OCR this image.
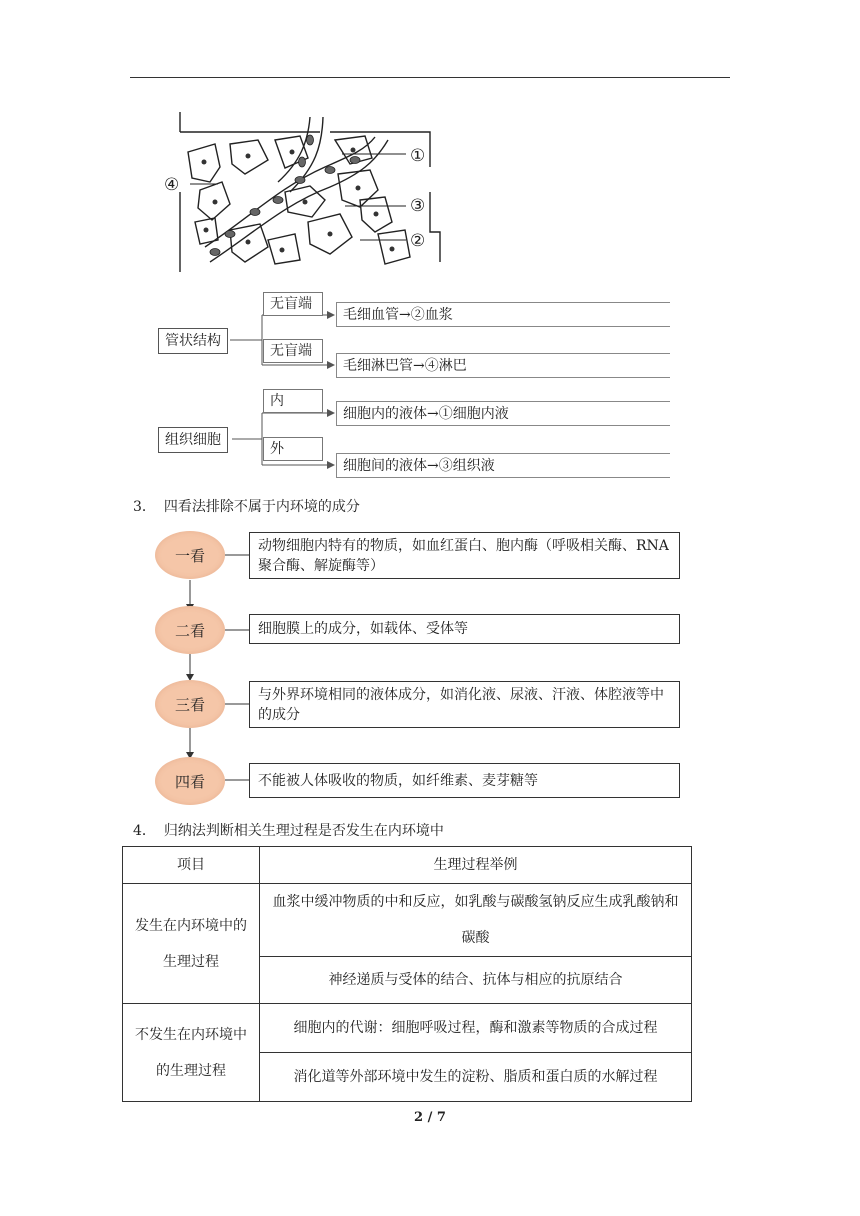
①
③
②
④
管状结构
无盲端
无盲端
毛细血管→②血浆
毛细淋巴管→④淋巴
组织细胞
内
外
细胞内的液体→①细胞内液
细胞间的液体→③组织液
3． 四看法排除不属于内环境的成分
一看
动物细胞内特有的物质，如血红蛋白、胞内酶（呼吸相关酶、RNA聚合酶、解旋酶等）
二看	细胞膜上的成分，如载体、受体等
三看
与外界环境相同的液体成分，如消化液、尿液、汗液、体腔液等中的成分
四看	不能被人体吸收的物质，如纤维素、麦芽糖等
4． 归纳法判断相关生理过程是否发生在内环境中
项目	生理过程举例
发生在内环境中的生理过程	血浆中缓冲物质的中和反应，如乳酸与碳酸氢钠反应生成乳酸钠和碳酸
	神经递质与受体的结合、抗体与相应的抗原结合
不发生在内环境中的生理过程	细胞内的代谢：细胞呼吸过程，酶和激素等物质的合成过程
	消化道等外部环境中发生的淀粉、脂质和蛋白质的水解过程
2 / 7
